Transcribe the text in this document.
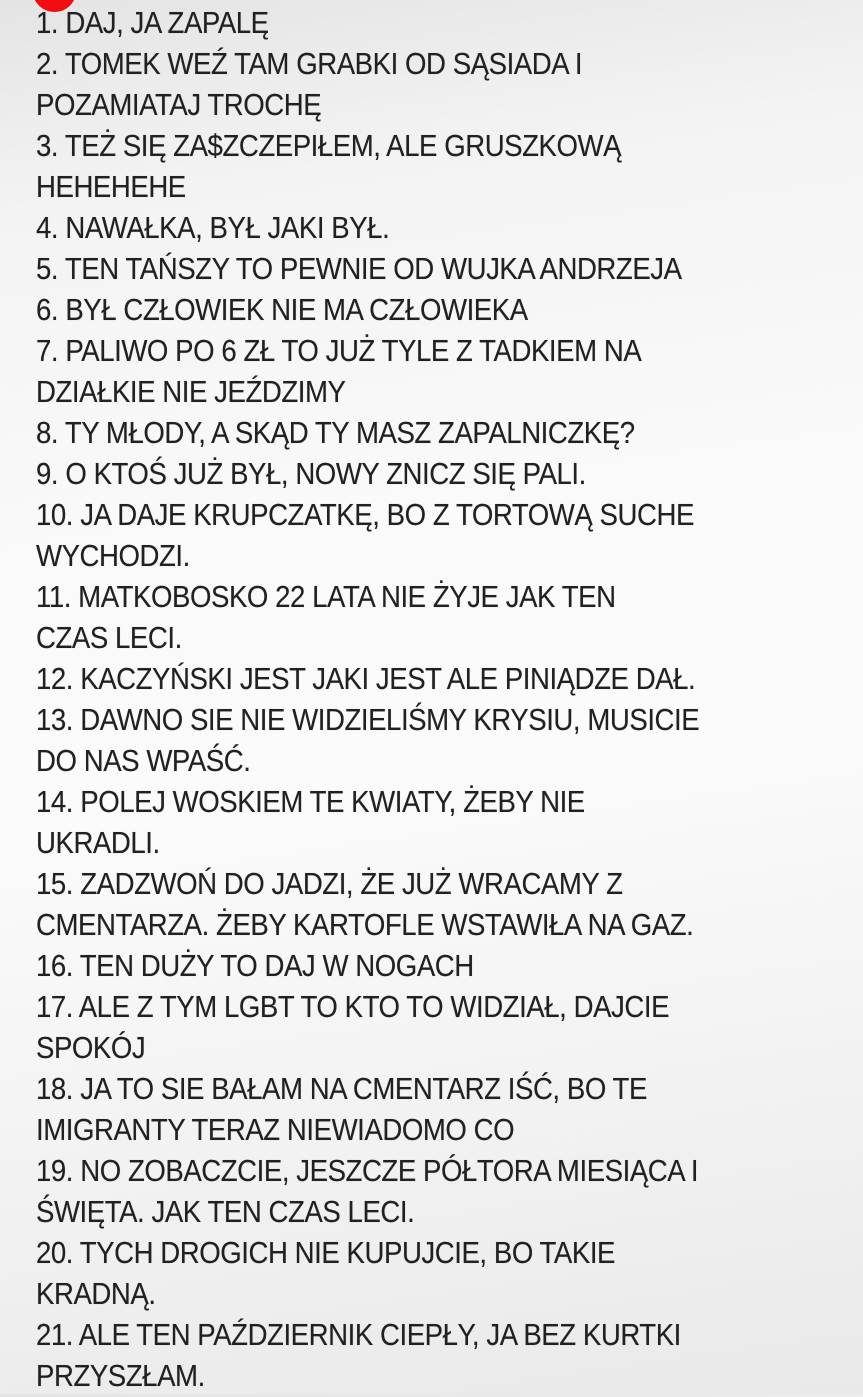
1. DAJ, JA ZAPALĘ
2. TOMEK WEŹ TAM GRABKI OD SĄSIADA I
POZAMIATAJ TROCHĘ
3. TEŻ SIĘ ZA$ZCZEPIŁEM, ALE GRUSZKOWĄ
HEHEHEHE
4. NAWAŁKA, BYŁ JAKI BYŁ.
5. TEN TAŃSZY TO PEWNIE OD WUJKA ANDRZEJA
6. BYŁ CZŁOWIEK NIE MA CZŁOWIEKA
7. PALIWO PO 6 ZŁ TO JUŻ TYLE Z TADKIEM NA
DZIAŁKIE NIE JEŹDZIMY
8. TY MŁODY, A SKĄD TY MASZ ZAPALNICZKĘ?
9. O KTOŚ JUŻ BYŁ, NOWY ZNICZ SIĘ PALI.
10. JA DAJE KRUPCZATKĘ, BO Z TORTOWĄ SUCHE
WYCHODZI.
11. MATKOBOSKO 22 LATA NIE ŻYJE JAK TEN
CZAS LECI.
12. KACZYŃSKI JEST JAKI JEST ALE PINIĄDZE DAŁ.
13. DAWNO SIE NIE WIDZIELIŚMY KRYSIU, MUSICIE
DO NAS WPAŚĆ.
14. POLEJ WOSKIEM TE KWIATY, ŻEBY NIE
UKRADLI.
15. ZADZWOŃ DO JADZI, ŻE JUŻ WRACAMY Z
CMENTARZA. ŻEBY KARTOFLE WSTAWIŁA NA GAZ.
16. TEN DUŻY TO DAJ W NOGACH
17. ALE Z TYM LGBT TO KTO TO WIDZIAŁ, DAJCIE
SPOKÓJ
18. JA TO SIE BAŁAM NA CMENTARZ IŚĆ, BO TE
IMIGRANTY TERAZ NIEWIADOMO CO
19. NO ZOBACZCIE, JESZCZE PÓŁTORA MIESIĄCA I
ŚWIĘTA. JAK TEN CZAS LECI.
20. TYCH DROGICH NIE KUPUJCIE, BO TAKIE
KRADNĄ.
21. ALE TEN PAŹDZIERNIK CIEPŁY, JA BEZ KURTKI
PRZYSZŁAM.
